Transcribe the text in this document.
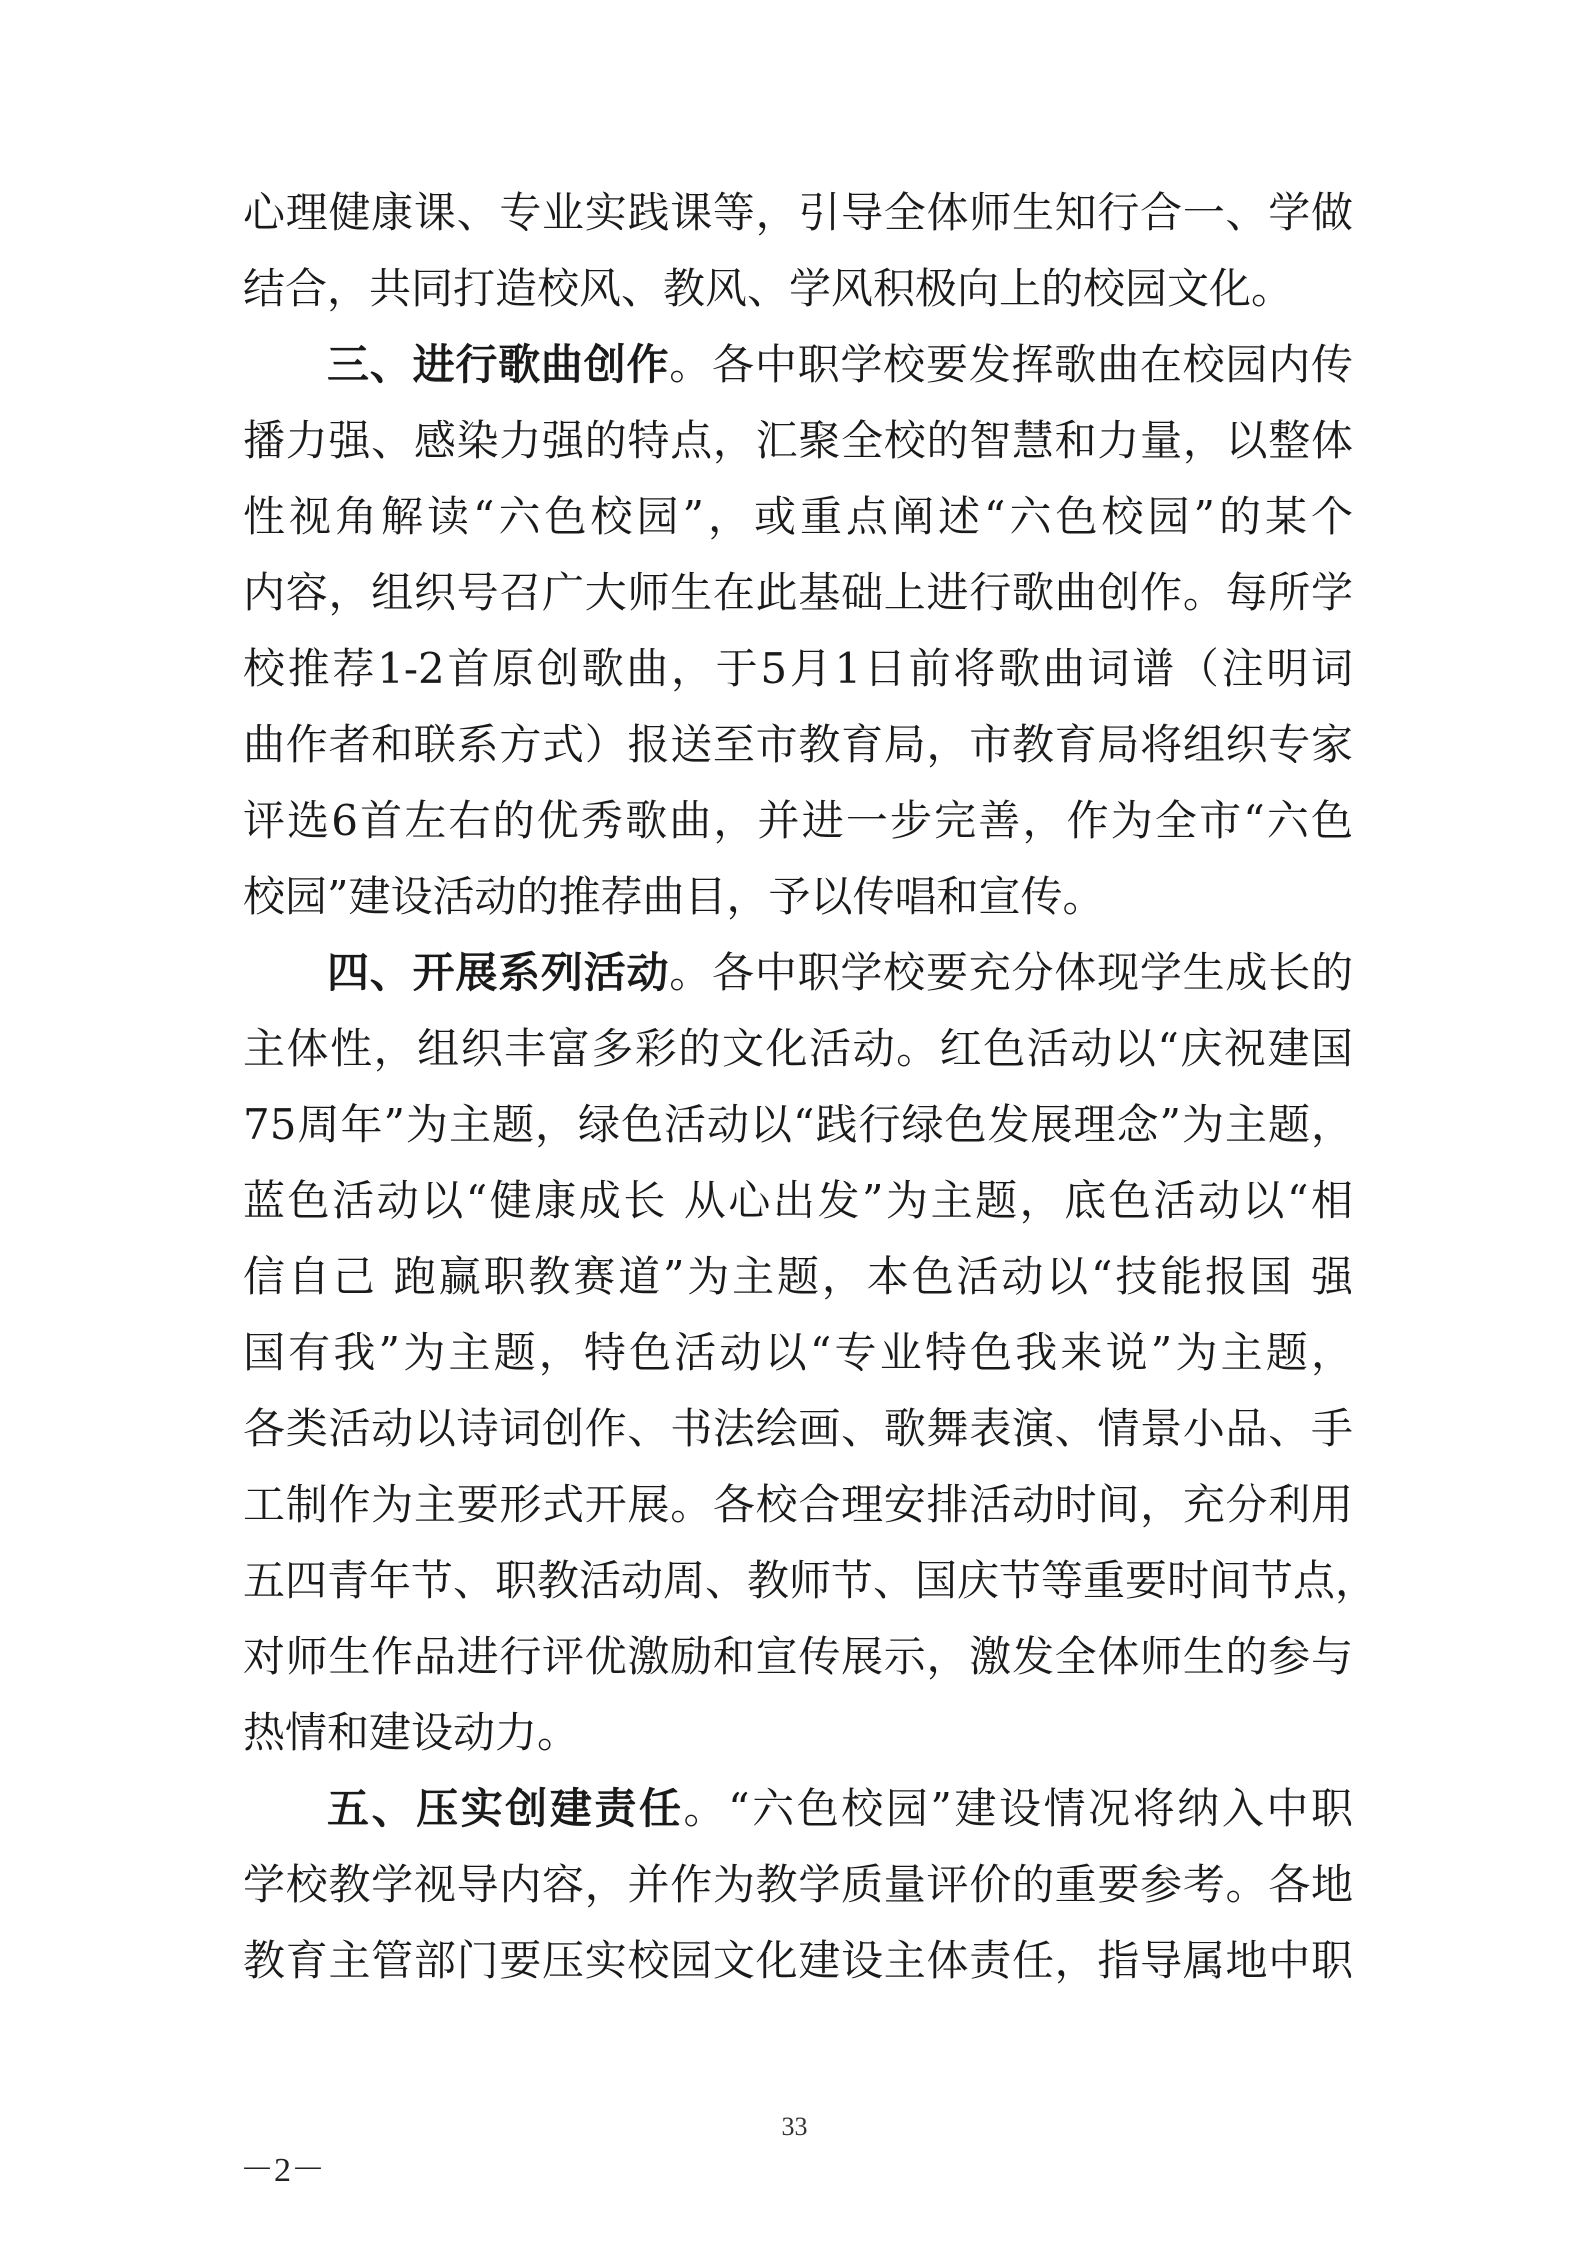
心理健康课、专业实践课等，引导全体师生知行合一、学做
结合，共同打造校风、教风、学风积极向上的校园文化。
三、进行歌曲创作。各中职学校要发挥歌曲在校园内传
播力强、感染力强的特点，汇聚全校的智慧和力量，以整体
性视角解读“六色校园”，或重点阐述“六色校园”的某个
内容，组织号召广大师生在此基础上进行歌曲创作。每所学
校推荐1-2首原创歌曲，于5月1日前将歌曲词谱（注明词
曲作者和联系方式）报送至市教育局，市教育局将组织专家
评选6首左右的优秀歌曲，并进一步完善，作为全市“六色
校园”建设活动的推荐曲目，予以传唱和宣传。
四、开展系列活动。各中职学校要充分体现学生成长的
主体性，组织丰富多彩的文化活动。红色活动以“庆祝建国
75周年”为主题，绿色活动以“践行绿色发展理念”为主题，
蓝色活动以“健康成长 从心出发”为主题，底色活动以“相
信自己 跑赢职教赛道”为主题，本色活动以“技能报国 强
国有我”为主题，特色活动以“专业特色我来说”为主题，
各类活动以诗词创作、书法绘画、歌舞表演、情景小品、手
工制作为主要形式开展。各校合理安排活动时间，充分利用
五四青年节、职教活动周、教师节、国庆节等重要时间节点，
对师生作品进行评优激励和宣传展示，激发全体师生的参与
热情和建设动力。
五、压实创建责任。“六色校园”建设情况将纳入中职
学校教学视导内容，并作为教学质量评价的重要参考。各地
教育主管部门要压实校园文化建设主体责任，指导属地中职
33
－2－
